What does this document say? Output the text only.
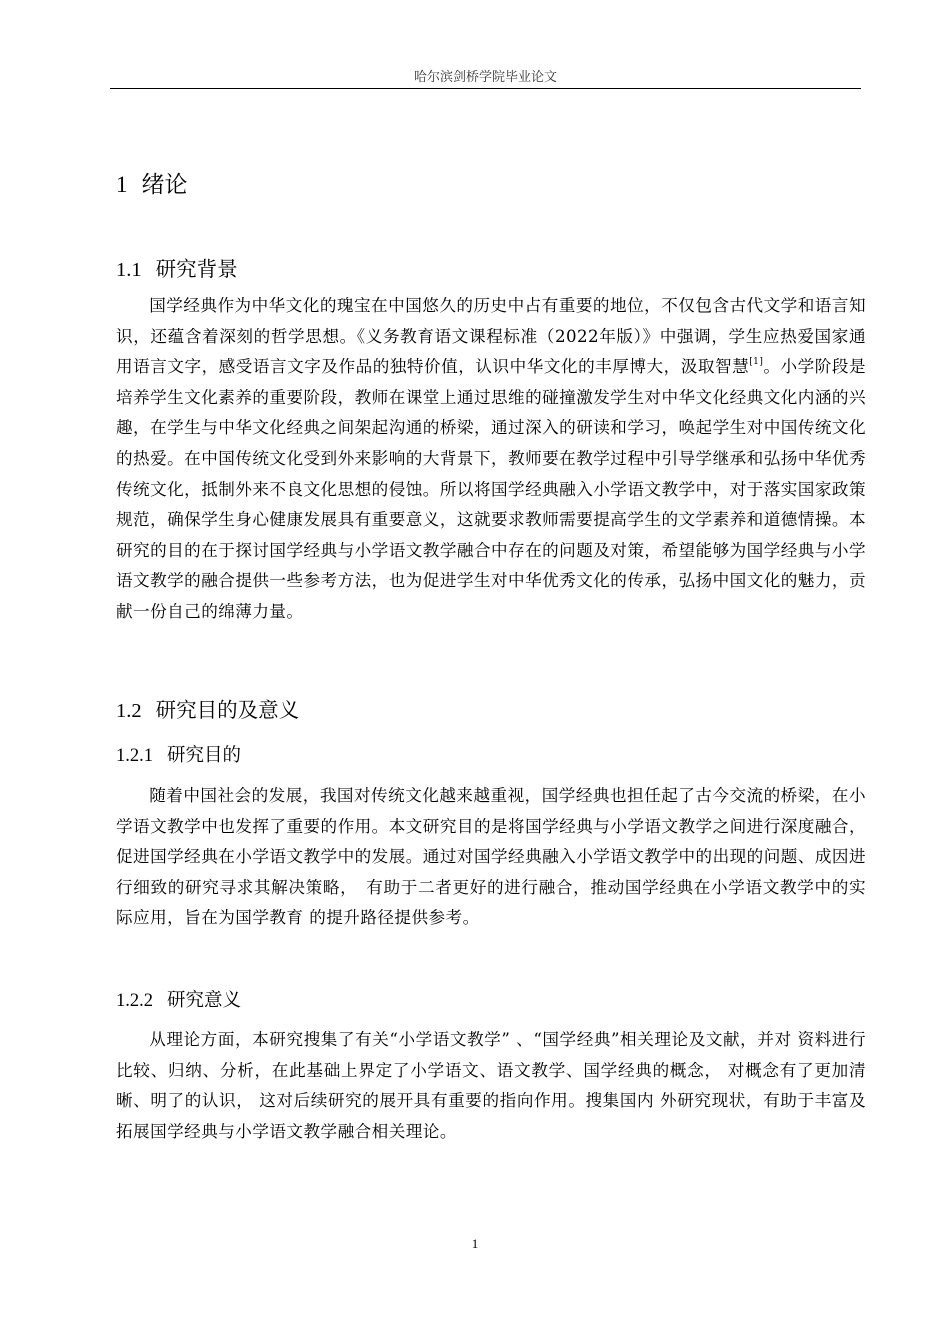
哈尔滨剑桥学院毕业论文
1 绪论
1.1 研究背景
国学经典作为中华文化的瑰宝在中国悠久的历史中占有重要的地位，不仅包含古代文学和语言知识，还蕴含着深刻的哲学思想。《义务教育语文课程标准（2022年版）》中强调，学生应热爱国家通用语言文字，感受语言文字及作品的独特价值，认识中华文化的丰厚博大，汲取智慧[1]。小学阶段是培养学生文化素养的重要阶段，教师在课堂上通过思维的碰撞激发学生对中华文化经典文化内涵的兴趣，在学生与中华文化经典之间架起沟通的桥梁，通过深入的研读和学习，唤起学生对中国传统文化的热爱。在中国传统文化受到外来影响的大背景下，教师要在教学过程中引导学继承和弘扬中华优秀传统文化，抵制外来不良文化思想的侵蚀。所以将国学经典融入小学语文教学中，对于落实国家政策规范，确保学生身心健康发展具有重要意义，这就要求教师需要提高学生的文学素养和道德情操。本研究的目的在于探讨国学经典与小学语文教学融合中存在的问题及对策，希望能够为国学经典与小学语文教学的融合提供一些参考方法，也为促进学生对中华优秀文化的传承，弘扬中国文化的魅力，贡献一份自己的绵薄力量。
1.2 研究目的及意义
1.2.1 研究目的
随着中国社会的发展，我国对传统文化越来越重视，国学经典也担任起了古今交流的桥梁，在小学语文教学中也发挥了重要的作用。本文研究目的是将国学经典与小学语文教学之间进行深度融合，促进国学经典在小学语文教学中的发展。通过对国学经典融入小学语文教学中的出现的问题、成因进行细致的研究寻求其解决策略，　有助于二者更好的进行融合，推动国学经典在小学语文教学中的实际应用，旨在为国学教育 的提升路径提供参考。
1.2.2 研究意义
从理论方面，本研究搜集了有关“小学语文教学” 、“国学经典”相关理论及文献，并对 资料进行比较、归纳、分析，在此基础上界定了小学语文、语文教学、国学经典的概念， 对概念有了更加清晰、明了的认识， 这对后续研究的展开具有重要的指向作用。搜集国内 外研究现状，有助于丰富及拓展国学经典与小学语文教学融合相关理论。
1
